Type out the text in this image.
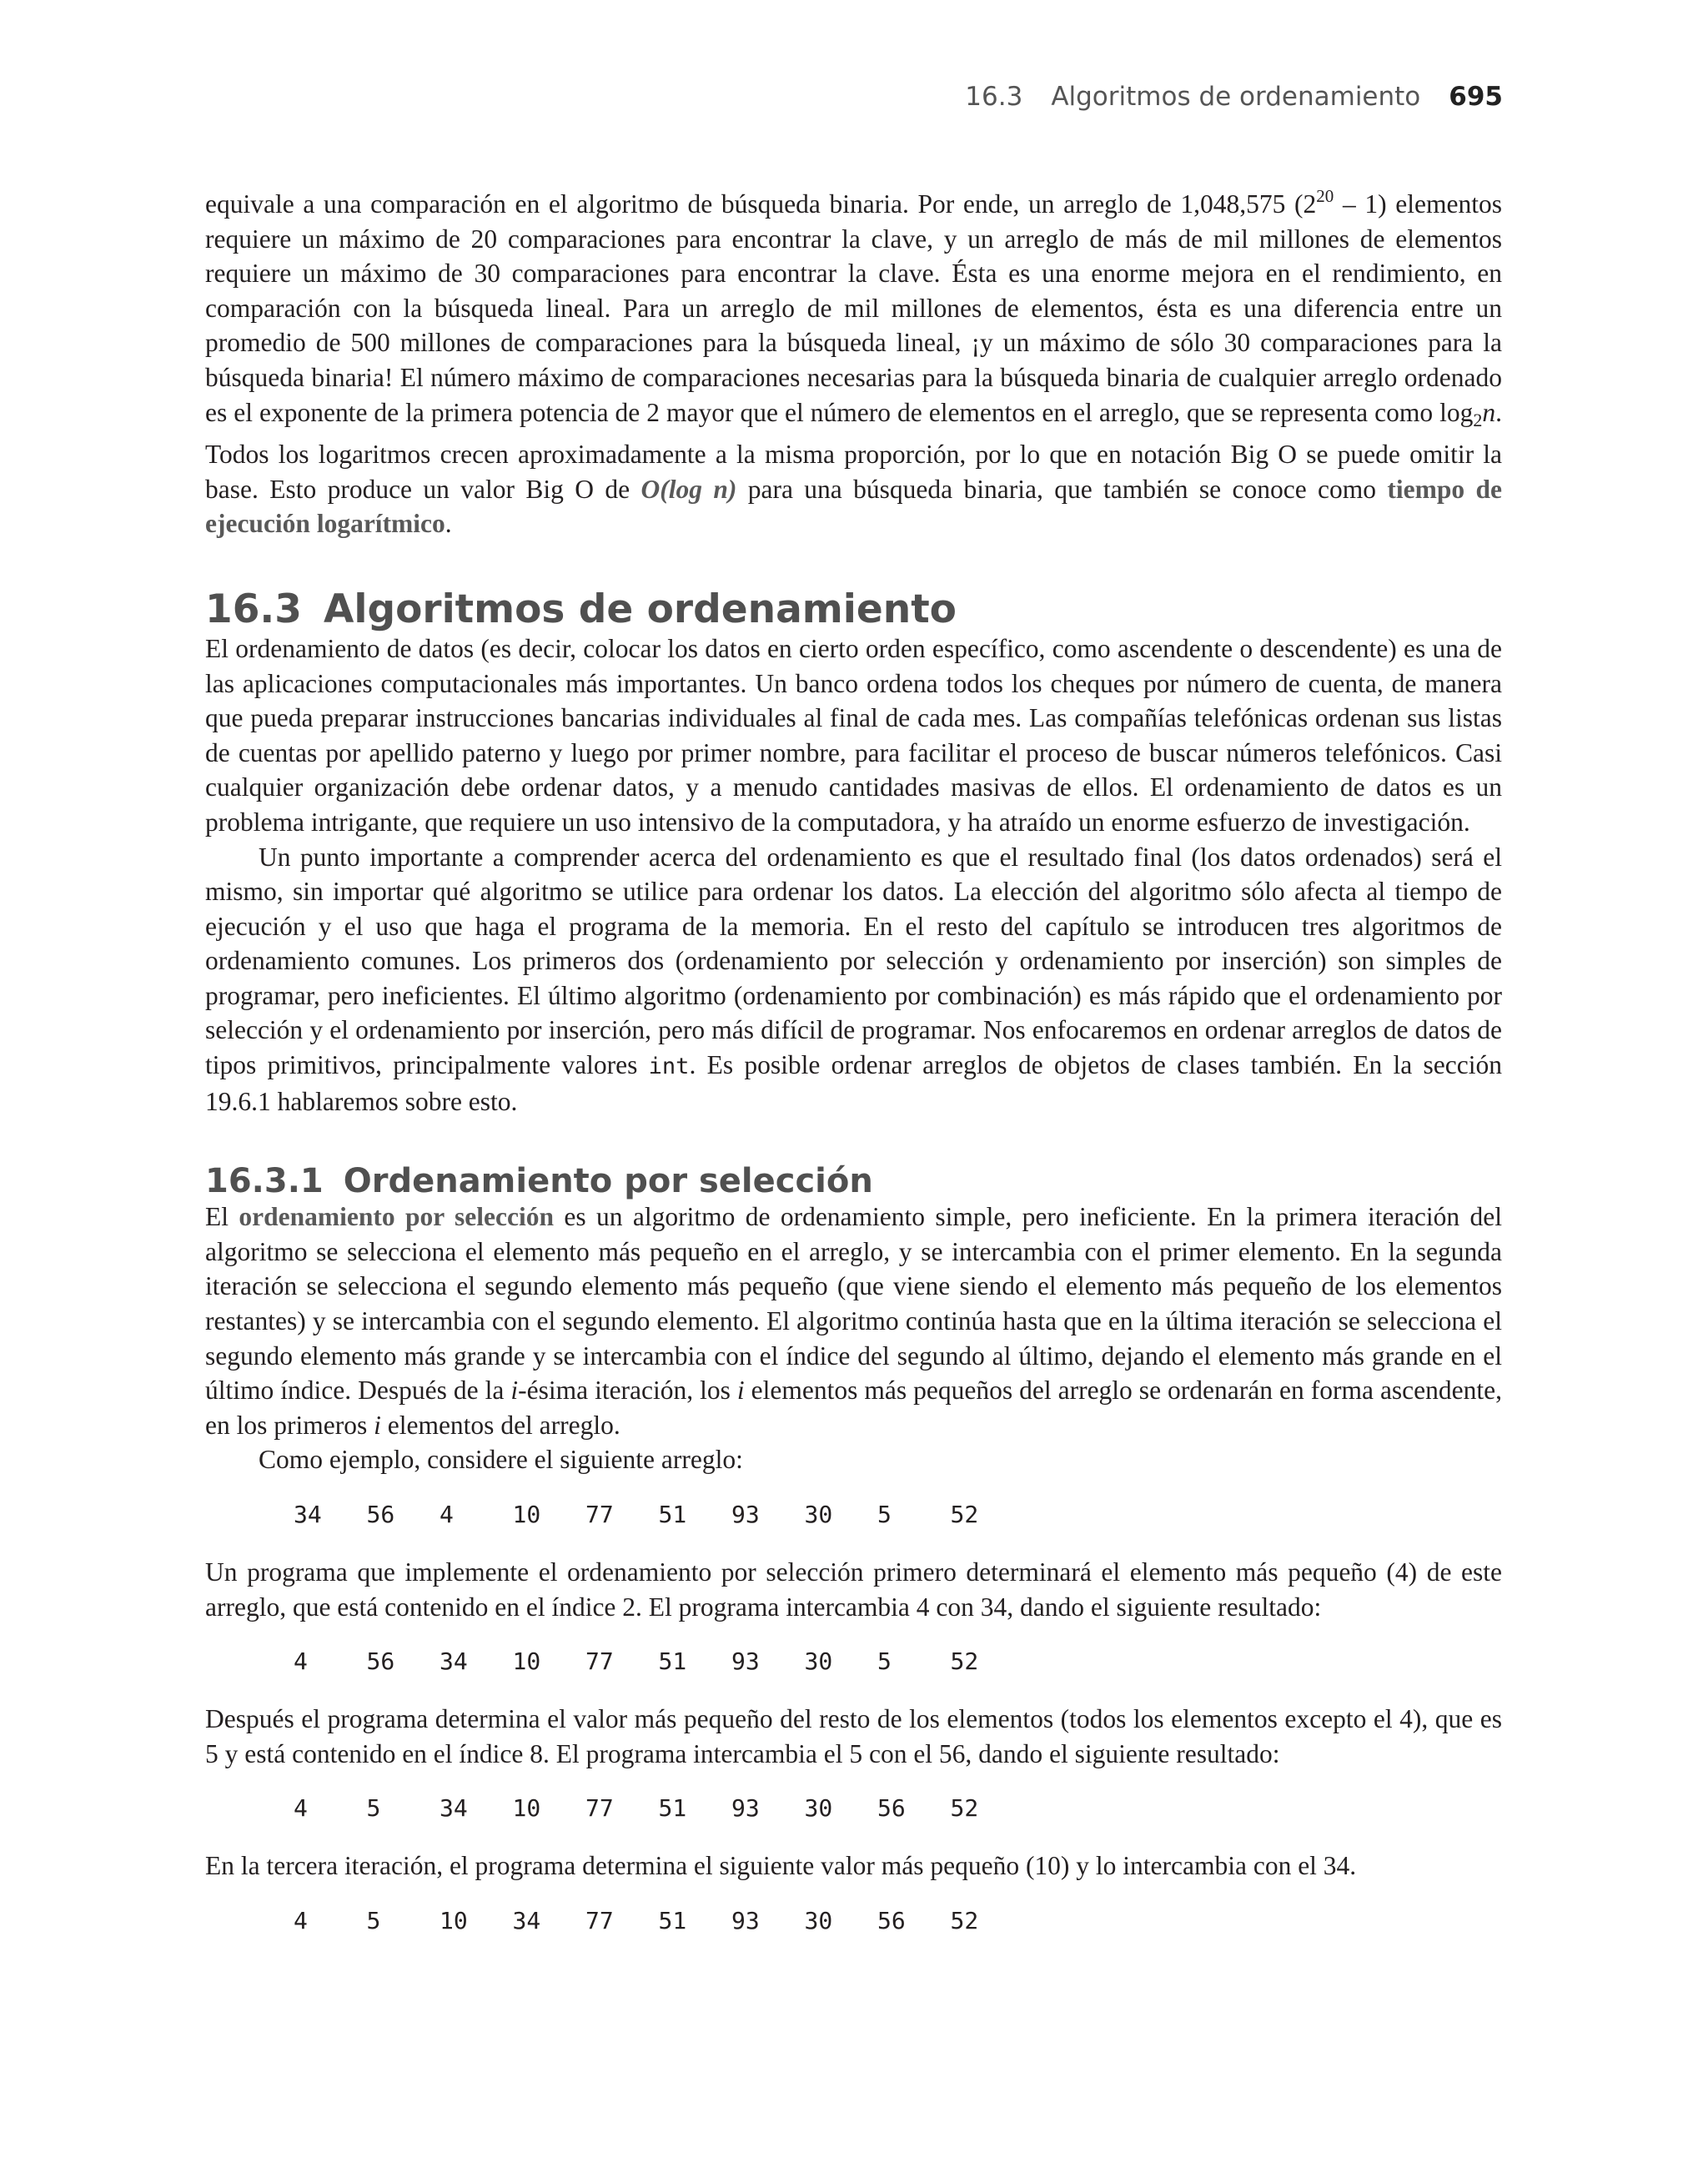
16.3 Algoritmos de ordenamiento 695

equivale a una comparación en el algoritmo de búsqueda binaria. Por ende, un arreglo de 1,048,575 $(2^{20} - 1)$ elementos requiere un máximo de 20 comparaciones para encontrar la clave, y un arreglo de más de mil millones de elementos requiere un máximo de 30 comparaciones para encontrar la clave. Ésta es una enorme mejora en el rendimiento, en comparación con la búsqueda lineal. Para un arreglo de mil millones de elementos, ésta es una diferencia entre un promedio de 500 millones de comparaciones para la búsqueda lineal, ¡y un máximo de sólo 30 comparaciones para la búsqueda binaria! El número máximo de comparaciones necesarias para la búsqueda binaria de cualquier arreglo ordenado es el exponente de la primera potencia de 2 mayor que el número de elementos en el arreglo, que se representa como $\log_2n$. Todos los logaritmos crecen aproximadamente a la misma proporción, por lo que en notación Big O se puede omitir la base. Esto produce un valor Big O de O(log n) para una búsqueda binaria, que también se conoce como tiempo de ejecución logarítmico.

16.3 Algoritmos de ordenamiento

El ordenamiento de datos (es decir, colocar los datos en cierto orden específico, como ascendente o descendente) es una de las aplicaciones computacionales más importantes. Un banco ordena todos los cheques por número de cuenta, de manera que pueda preparar instrucciones bancarias individuales al final de cada mes. Las compañías telefónicas ordenan sus listas de cuentas por apellido paterno y luego por primer nombre, para facilitar el proceso de buscar números telefónicos. Casi cualquier organización debe ordenar datos, y a menudo cantidades masivas de ellos. El ordenamiento de datos es un problema intrigante, que requiere un uso intensivo de la computadora, y ha atraído un enorme esfuerzo de investigación.

Un punto importante a comprender acerca del ordenamiento es que el resultado final (los datos ordenados) será el mismo, sin importar qué algoritmo se utilice para ordenar los datos. La elección del algoritmo sólo afecta al tiempo de ejecución y el uso que haga el programa de la memoria. En el resto del capítulo se introducen tres algoritmos de ordenamiento comunes. Los primeros dos (ordenamiento por selección y ordenamiento por inserción) son simples de programar, pero ineficientes. El último algoritmo (ordenamiento por combinación) es más rápido que el ordenamiento por selección y el ordenamiento por inserción, pero más difícil de programar. Nos enfocaremos en ordenar arreglos de datos de tipos primitivos, principalmente valores int. Es posible ordenar arreglos de objetos de clases también. En la sección 19.6.1 hablaremos sobre esto.

16.3.1 Ordenamiento por selección

El ordenamiento por selección es un algoritmo de ordenamiento simple, pero ineficiente. En la primera iteración del algoritmo se selecciona el elemento más pequeño en el arreglo, y se intercambia con el primer elemento. En la segunda iteración se selecciona el segundo elemento más pequeño (que viene siendo el elemento más pequeño de los elementos restantes) y se intercambia con el segundo elemento. El algoritmo continúa hasta que en la última iteración se selecciona el segundo elemento más grande y se intercambia con el índice del segundo al último, dejando el elemento más grande en el último índice. Después de la i-ésima iteración, los i elementos más pequeños del arreglo se ordenarán en forma ascendente, en los primeros i elementos del arreglo.

Como ejemplo, considere el siguiente arreglo:

34	56	4	10	77	51	93	30	5	52

Un programa que implemente el ordenamiento por selección primero determinará el elemento más pequeño (4) de este arreglo, que está contenido en el índice 2. El programa intercambia 4 con 34, dando el siguiente resultado:

4	56	34	10	77	51	93	30	5	52

Después el programa determina el valor más pequeño del resto de los elementos (todos los elementos excepto el 4), que es 5 y está contenido en el índice 8. El programa intercambia el 5 con el 56, dando el siguiente resultado:

4	5	34	10	77	51	93	30	56	52

En la tercera iteración, el programa determina el siguiente valor más pequeño (10) y lo intercambia con el 34.

4	5	10	34	77	51	93	30	56	52
